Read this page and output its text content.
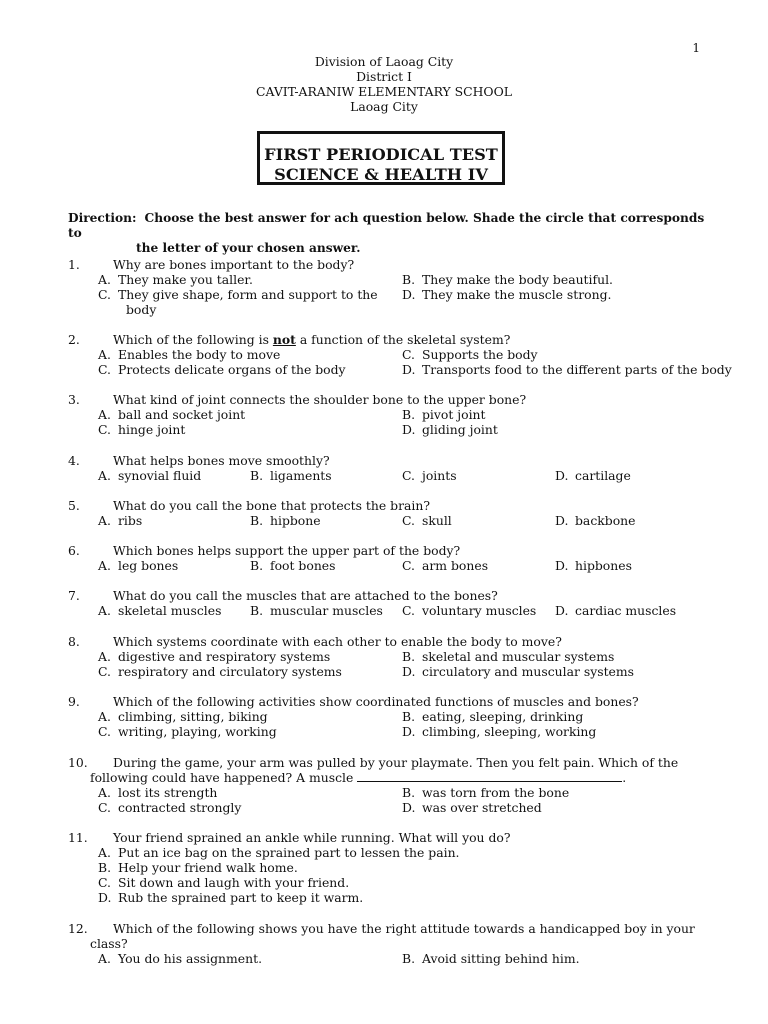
1
Division of Laoag City
District I
CAVIT-ARANIW ELEMENTARY SCHOOL
Laoag City
FIRST PERIODICAL TEST
SCIENCE & HEALTH IV
Direction: Choose the best answer for ach question below. Shade the circle that corresponds to
the letter of your chosen answer.
1.	Why are bones important to the body?
A. They make you taller.	B. They make the body beautiful.
C. They give shape, form and support to the
body
D. They make the muscle strong.
2.	Which of the following is not a function of the skeletal system?
A. Enables the body to move	C. Supports the body
C. Protects delicate organs of the body	D. Transports food to the different parts of the body
3.	What kind of joint connects the shoulder bone to the upper bone?
A. ball and socket joint	B. pivot joint
C. hinge joint	D. gliding joint
4.	What helps bones move smoothly?
A. synovial fluid	B. ligaments	C. joints	D. cartilage
5.	What do you call the bone that protects the brain?
A. ribs	B. hipbone	C. skull	D. backbone
6.	Which bones helps support the upper part of the body?
A. leg bones	B. foot bones	C. arm bones	D. hipbones
7.	What do you call the muscles that are attached to the bones?
A. skeletal muscles B. muscular muscles C. voluntary muscles D. cardiac muscles
8.	Which systems coordinate with each other to enable the body to move?
A. digestive and respiratory systems	B. skeletal and muscular systems
C. respiratory and circulatory systems	D. circulatory and muscular systems
9.	Which of the following activities show coordinated functions of muscles and bones?
A. climbing, sitting, biking	B. eating, sleeping, drinking
C. writing, playing, working	D. climbing, sleeping, working
10. During the game, your arm was pulled by your playmate. Then you felt pain. Which of the
following could have happened? A muscle	.
A. lost its strength	B. was torn from the bone
C. contracted strongly	D. was over stretched
11. Your friend sprained an ankle while running. What will you do?
A. Put an ice bag on the sprained part to lessen the pain.
B. Help your friend walk home.
C. Sit down and laugh with your friend.
D. Rub the sprained part to keep it warm.
12. Which of the following shows you have the right attitude towards a handicapped boy in your
class?
A. You do his assignment.	B. Avoid sitting behind him.
